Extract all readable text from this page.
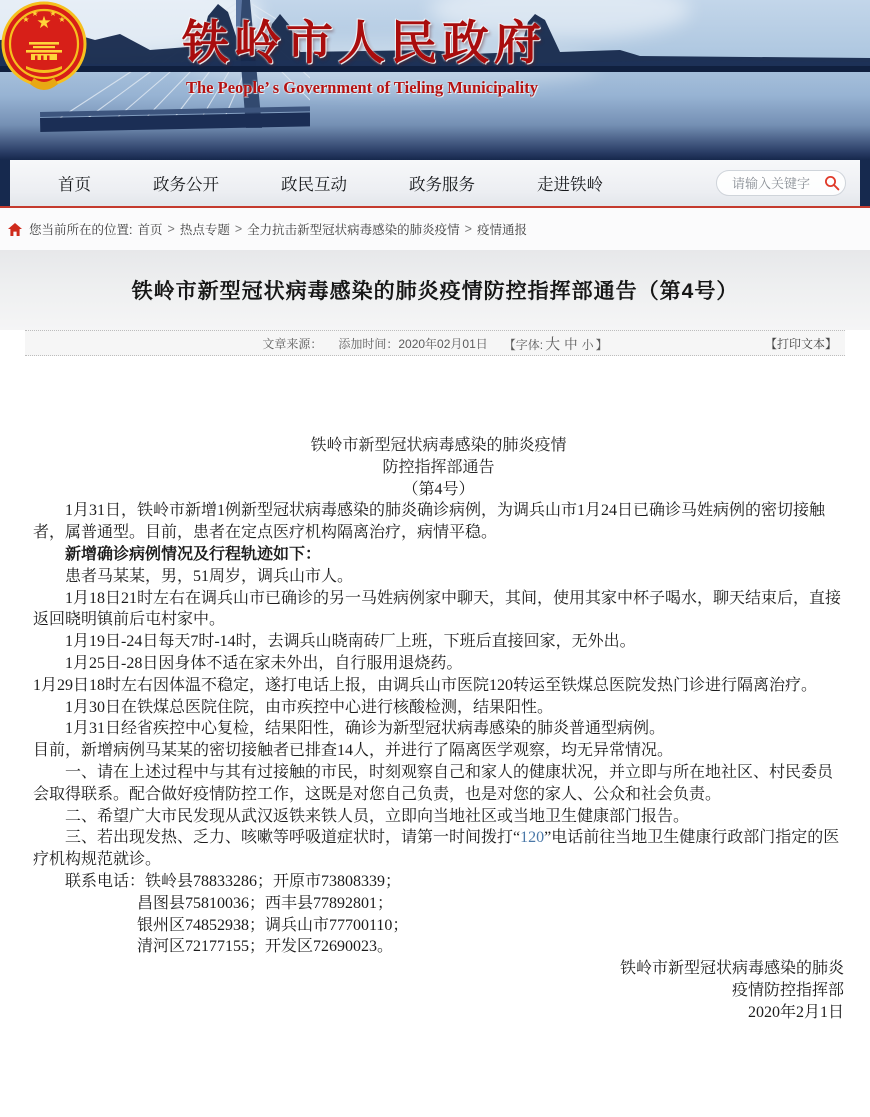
★
★
★ ★
★ 铁岭市人民政府
The People’ s Government of Tieling Municipality
首页	政务公开	政民互动	政务服务	走进铁岭
请输入关键字
您当前所在的位置: 首页 > 热点专题 > 全力抗击新型冠状病毒感染的肺炎疫情 > 疫情通报
铁岭市新型冠状病毒感染的肺炎疫情防控指挥部通告（第4号）
文章来源： 添加时间：2020年02月01日 【字体: 大 中 小 】	【打印文本】

铁岭市新型冠状病毒感染的肺炎疫情

防控指挥部通告

（第4号）

1月31日，铁岭市新增1例新型冠状病毒感染的肺炎确诊病例，为调兵山市1月24日已确诊马姓病例的密切接触者，属普通型。目前，患者在定点医疗机构隔离治疗，病情平稳。

新增确诊病例情况及行程轨迹如下：

患者马某某，男，51周岁，调兵山市人。

1月18日21时左右在调兵山市已确诊的另一马姓病例家中聊天，其间，使用其家中杯子喝水，聊天结束后，直接返回晓明镇前后屯村家中。

1月19日-24日每天7时-14时，去调兵山晓南砖厂上班，下班后直接回家，无外出。

1月25日-28日因身体不适在家未外出，自行服用退烧药。

1月29日18时左右因体温不稳定，遂打电话上报，由调兵山市医院120转运至铁煤总医院发热门诊进行隔离治疗。

1月30日在铁煤总医院住院，由市疾控中心进行核酸检测，结果阳性。

1月31日经省疾控中心复检，结果阳性，确诊为新型冠状病毒感染的肺炎普通型病例。

目前，新增病例马某某的密切接触者已排查14人，并进行了隔离医学观察，均无异常情况。

一、请在上述过程中与其有过接触的市民，时刻观察自己和家人的健康状况，并立即与所在地社区、村民委员会取得联系。配合做好疫情防控工作，这既是对您自己负责，也是对您的家人、公众和社会负责。

二、希望广大市民发现从武汉返铁来铁人员，立即向当地社区或当地卫生健康部门报告。

三、若出现发热、乏力、咳嗽等呼吸道症状时，请第一时间拨打“120”电话前往当地卫生健康行政部门指定的医疗机构规范就诊。

联系电话：铁岭县78833286；开原市73808339；

昌图县75810036；西丰县77892801；

银州区74852938；调兵山市77700110；

清河区72177155；开发区72690023。

铁岭市新型冠状病毒感染的肺炎

疫情防控指挥部

2020年2月1日
